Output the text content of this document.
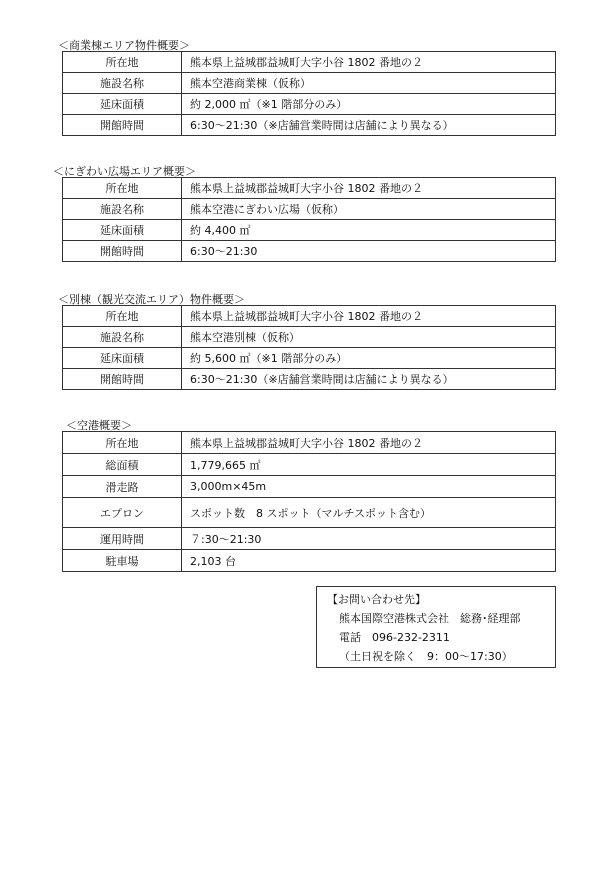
＜商業棟エリア物件概要＞
所在地	熊本県上益城郡益城町大字小谷 1802 番地の２
施設名称	熊本空港商業棟（仮称）
延床面積	約 2,000 ㎡（※1 階部分のみ）
開館時間	6:30～21:30（※店舗営業時間は店舗により異なる）
＜にぎわい広場エリア概要＞
所在地	熊本県上益城郡益城町大字小谷 1802 番地の２
施設名称	熊本空港にぎわい広場（仮称）
延床面積	約 4,400 ㎡
開館時間	6:30～21:30
＜別棟（観光交流エリア）物件概要＞
所在地	熊本県上益城郡益城町大字小谷 1802 番地の２
施設名称	熊本空港別棟（仮称）
延床面積	約 5,600 ㎡（※1 階部分のみ）
開館時間	6:30～21:30（※店舗営業時間は店舗により異なる）
＜空港概要＞
所在地	熊本県上益城郡益城町大字小谷 1802 番地の２
総面積	1,779,665 ㎡
滑走路	3,000m×45m
エプロン	スポット数　8 スポット（マルチスポット含む）
運用時間	７:30～21:30
駐車場	2,103 台
【お問い合わせ先】
熊本国際空港株式会社　総務･経理部
電話　096-232-2311
（土日祝を除く　9：00～17:30）
